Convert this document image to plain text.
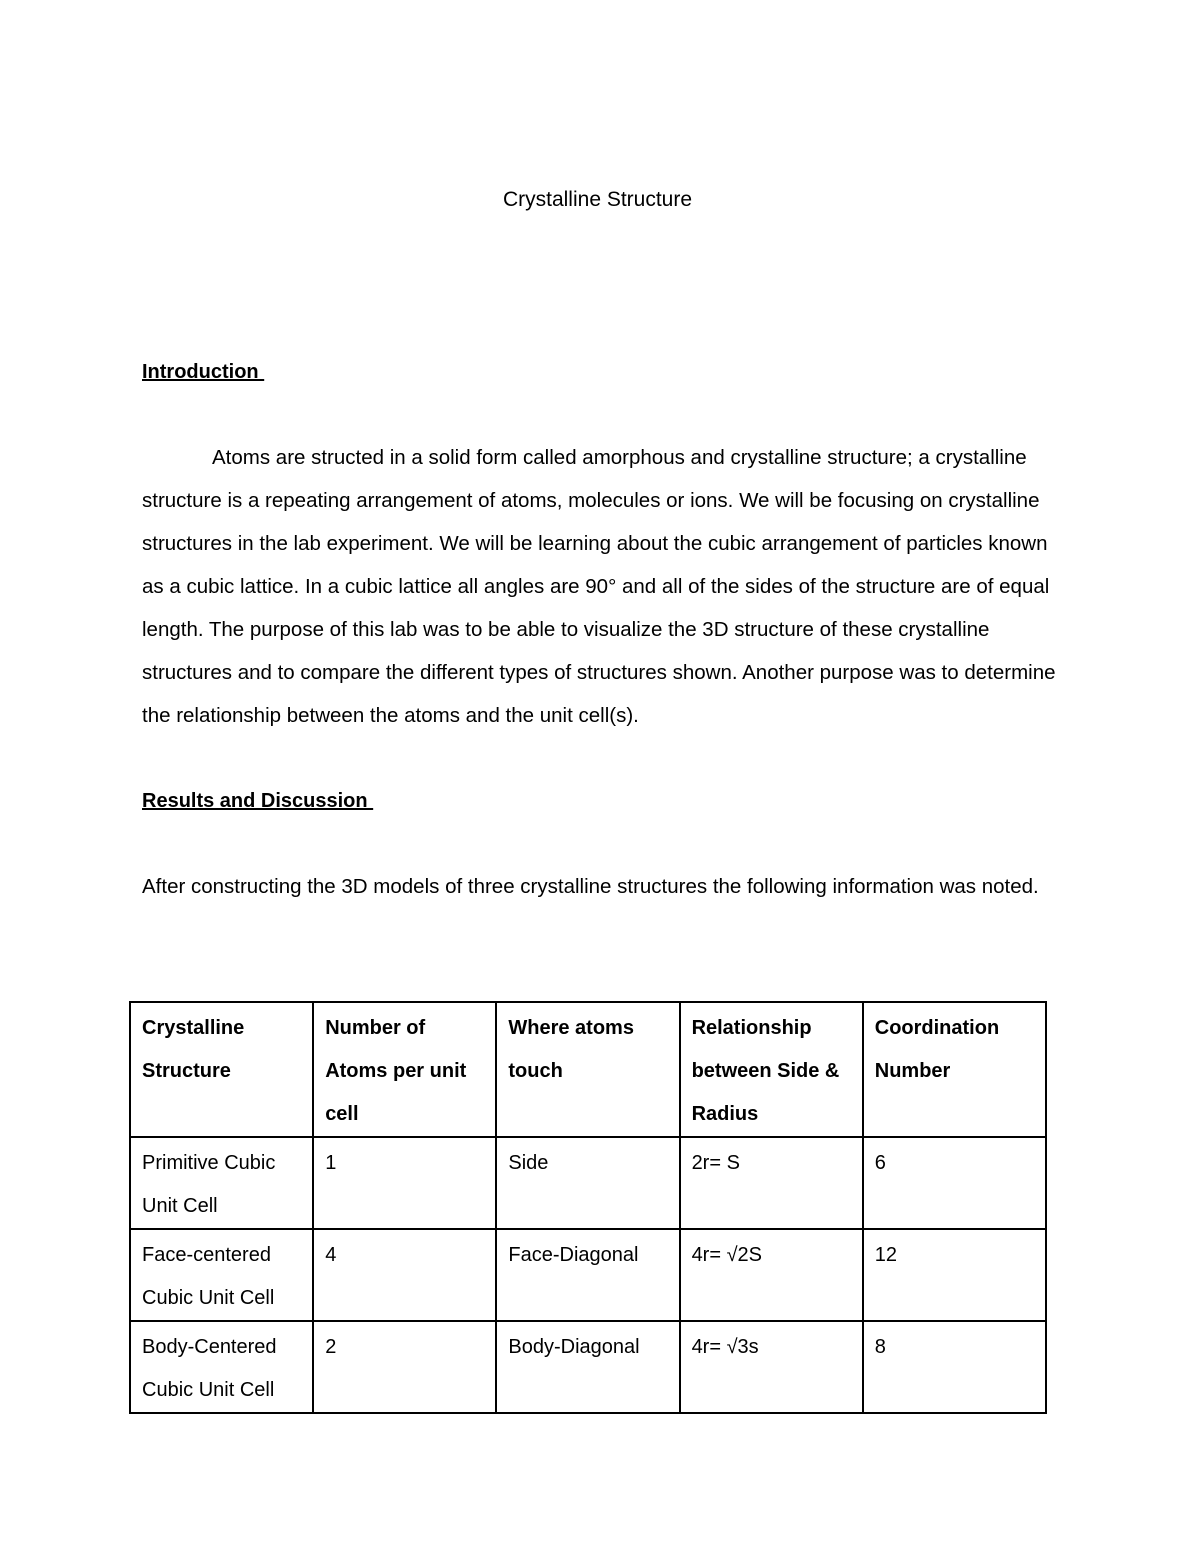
Crystalline Structure
Introduction

Atoms are structed in a solid form called amorphous and crystalline structure; a crystalline structure is a repeating arrangement of atoms, molecules or ions. We will be focusing on crystalline structures in the lab experiment. We will be learning about the cubic arrangement of particles known as a cubic lattice. In a cubic lattice all angles are 90° and all of the sides of the structure are of equal length. The purpose of this lab was to be able to visualize the 3D structure of these crystalline structures and to compare the different types of structures shown. Another purpose was to determine the relationship between the atoms and the unit cell(s).

Results and Discussion

After constructing the 3D models of three crystalline structures the following information was noted.

Crystalline Structure	Number of Atoms per unit cell	Where atoms touch	Relationship between Side & Radius	Coordination Number
Primitive Cubic Unit Cell	1	Side	2r= S	6
Face-centered Cubic Unit Cell	4	Face-Diagonal	4r= √2S	12
Body-Centered Cubic Unit Cell	2	Body-Diagonal	4r= √3s	8
